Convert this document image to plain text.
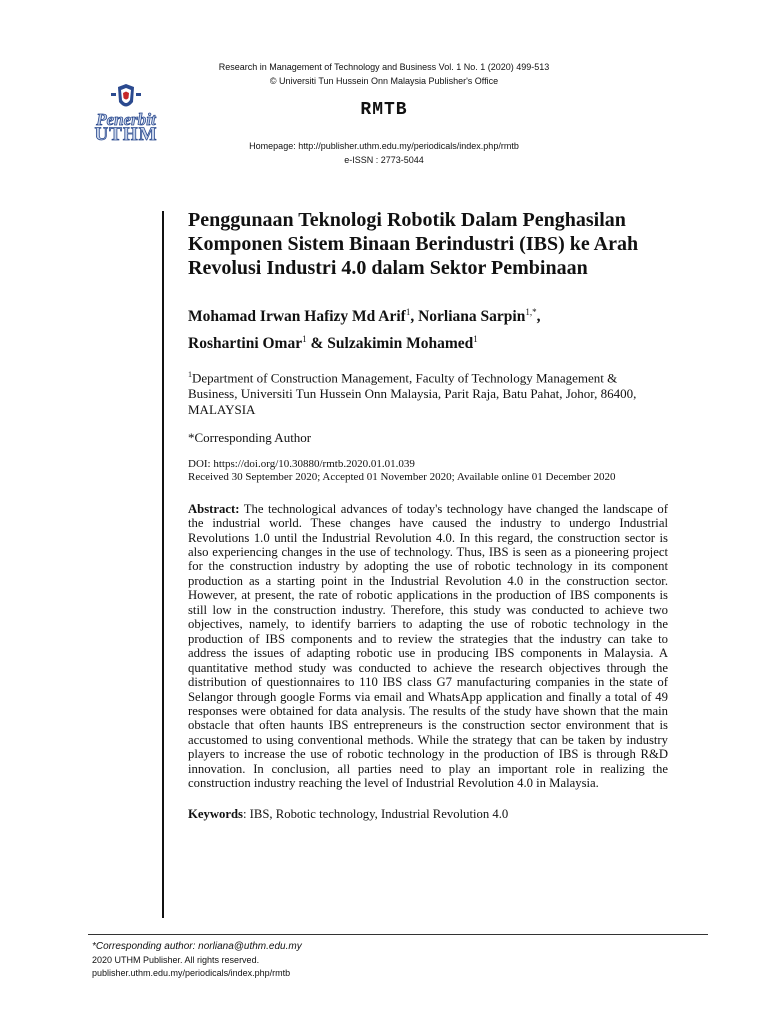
Research in Management of Technology and Business Vol. 1 No. 1 (2020) 499-513
© Universiti Tun Hussein Onn Malaysia Publisher's Office
Penerbit
UTHM
RMTB
Homepage: http://publisher.uthm.edu.my/periodicals/index.php/rmtb
e-ISSN : 2773-5044
Penggunaan Teknologi Robotik Dalam Penghasilan Komponen Sistem Binaan Berindustri (IBS) ke Arah Revolusi Industri 4.0 dalam Sektor Pembinaan
Mohamad Irwan Hafizy Md Arif$^1$, Norliana Sarpin$^{1,*}$,
Roshartini Omar$^1$ & Sulzakimin Mohamed$^1$
$^1$Department of Construction Management, Faculty of Technology Management & Business, Universiti Tun Hussein Onn Malaysia, Parit Raja, Batu Pahat, Johor, 86400, MALAYSIA
*Corresponding Author
DOI: https://doi.org/10.30880/rmtb.2020.01.01.039
Received 30 September 2020; Accepted 01 November 2020; Available online 01 December 2020
Abstract: The technological advances of today's technology have changed the landscape of the industrial world. These changes have caused the industry to undergo Industrial Revolutions 1.0 until the Industrial Revolution 4.0. In this regard, the construction sector is also experiencing changes in the use of technology. Thus, IBS is seen as a pioneering project for the construction industry by adopting the use of robotic technology in its component production as a starting point in the Industrial Revolution 4.0 in the construction sector. However, at present, the rate of robotic applications in the production of IBS components is still low in the construction industry. Therefore, this study was conducted to achieve two objectives, namely, to identify barriers to adapting the use of robotic technology in the production of IBS components and to review the strategies that the industry can take to address the issues of adapting robotic use in producing IBS components in Malaysia. A quantitative method study was conducted to achieve the research objectives through the distribution of questionnaires to 110 IBS class G7 manufacturing companies in the state of Selangor through google Forms via email and WhatsApp application and finally a total of 49 responses were obtained for data analysis. The results of the study have shown that the main obstacle that often haunts IBS entrepreneurs is the construction sector environment that is accustomed to using conventional methods. While the strategy that can be taken by industry players to increase the use of robotic technology in the production of IBS is through R&D innovation. In conclusion, all parties need to play an important role in realizing the construction industry reaching the level of Industrial Revolution 4.0 in Malaysia.
Keywords: IBS, Robotic technology, Industrial Revolution 4.0
*Corresponding author: norliana@uthm.edu.my
2020 UTHM Publisher. All rights reserved.
publisher.uthm.edu.my/periodicals/index.php/rmtb
